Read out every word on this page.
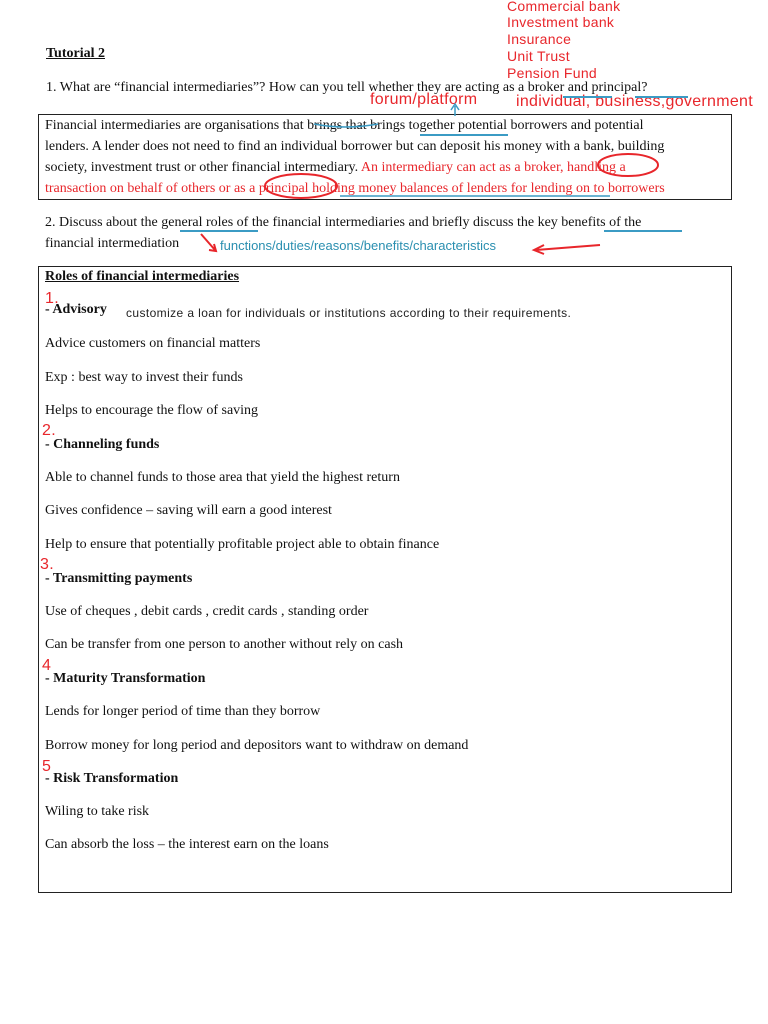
Commercial bank
Investment bank
Insurance
Unit Trust
Pension Fund
Tutorial 2
1. What are “financial intermediaries”? How can you tell whether they are acting as a broker and principal?
forum/platform individual, business,government
Financial intermediaries are organisations that brings that brings together potential borrowers and potential
lenders. A lender does not need to find an individual borrower but can deposit his money with a bank, building
society, investment trust or other financial intermediary. An intermediary can act as a broker, handling a
transaction on behalf of others or as a principal holding money balances of lenders for lending on to borrowers
2. Discuss about the general roles of the financial intermediaries and briefly discuss the key benefits of the
financial intermediation	functions/duties/reasons/benefits/characteristics
Roles of financial intermediaries
1.
- Advisory customize a loan for individuals or institutions according to their requirements.
Advice customers on financial matters
Exp : best way to invest their funds
Helps to encourage the flow of saving
2.
- Channeling funds
Able to channel funds to those area that yield the highest return
Gives confidence – saving will earn a good interest
Help to ensure that potentially profitable project able to obtain finance
3.
- Transmitting payments
Use of cheques , debit cards , credit cards , standing order
Can be transfer from one person to another without rely on cash
4
- Maturity Transformation
Lends for longer period of time than they borrow
Borrow money for long period and depositors want to withdraw on demand
5
- Risk Transformation
Wiling to take risk
Can absorb the loss – the interest earn on the loans
